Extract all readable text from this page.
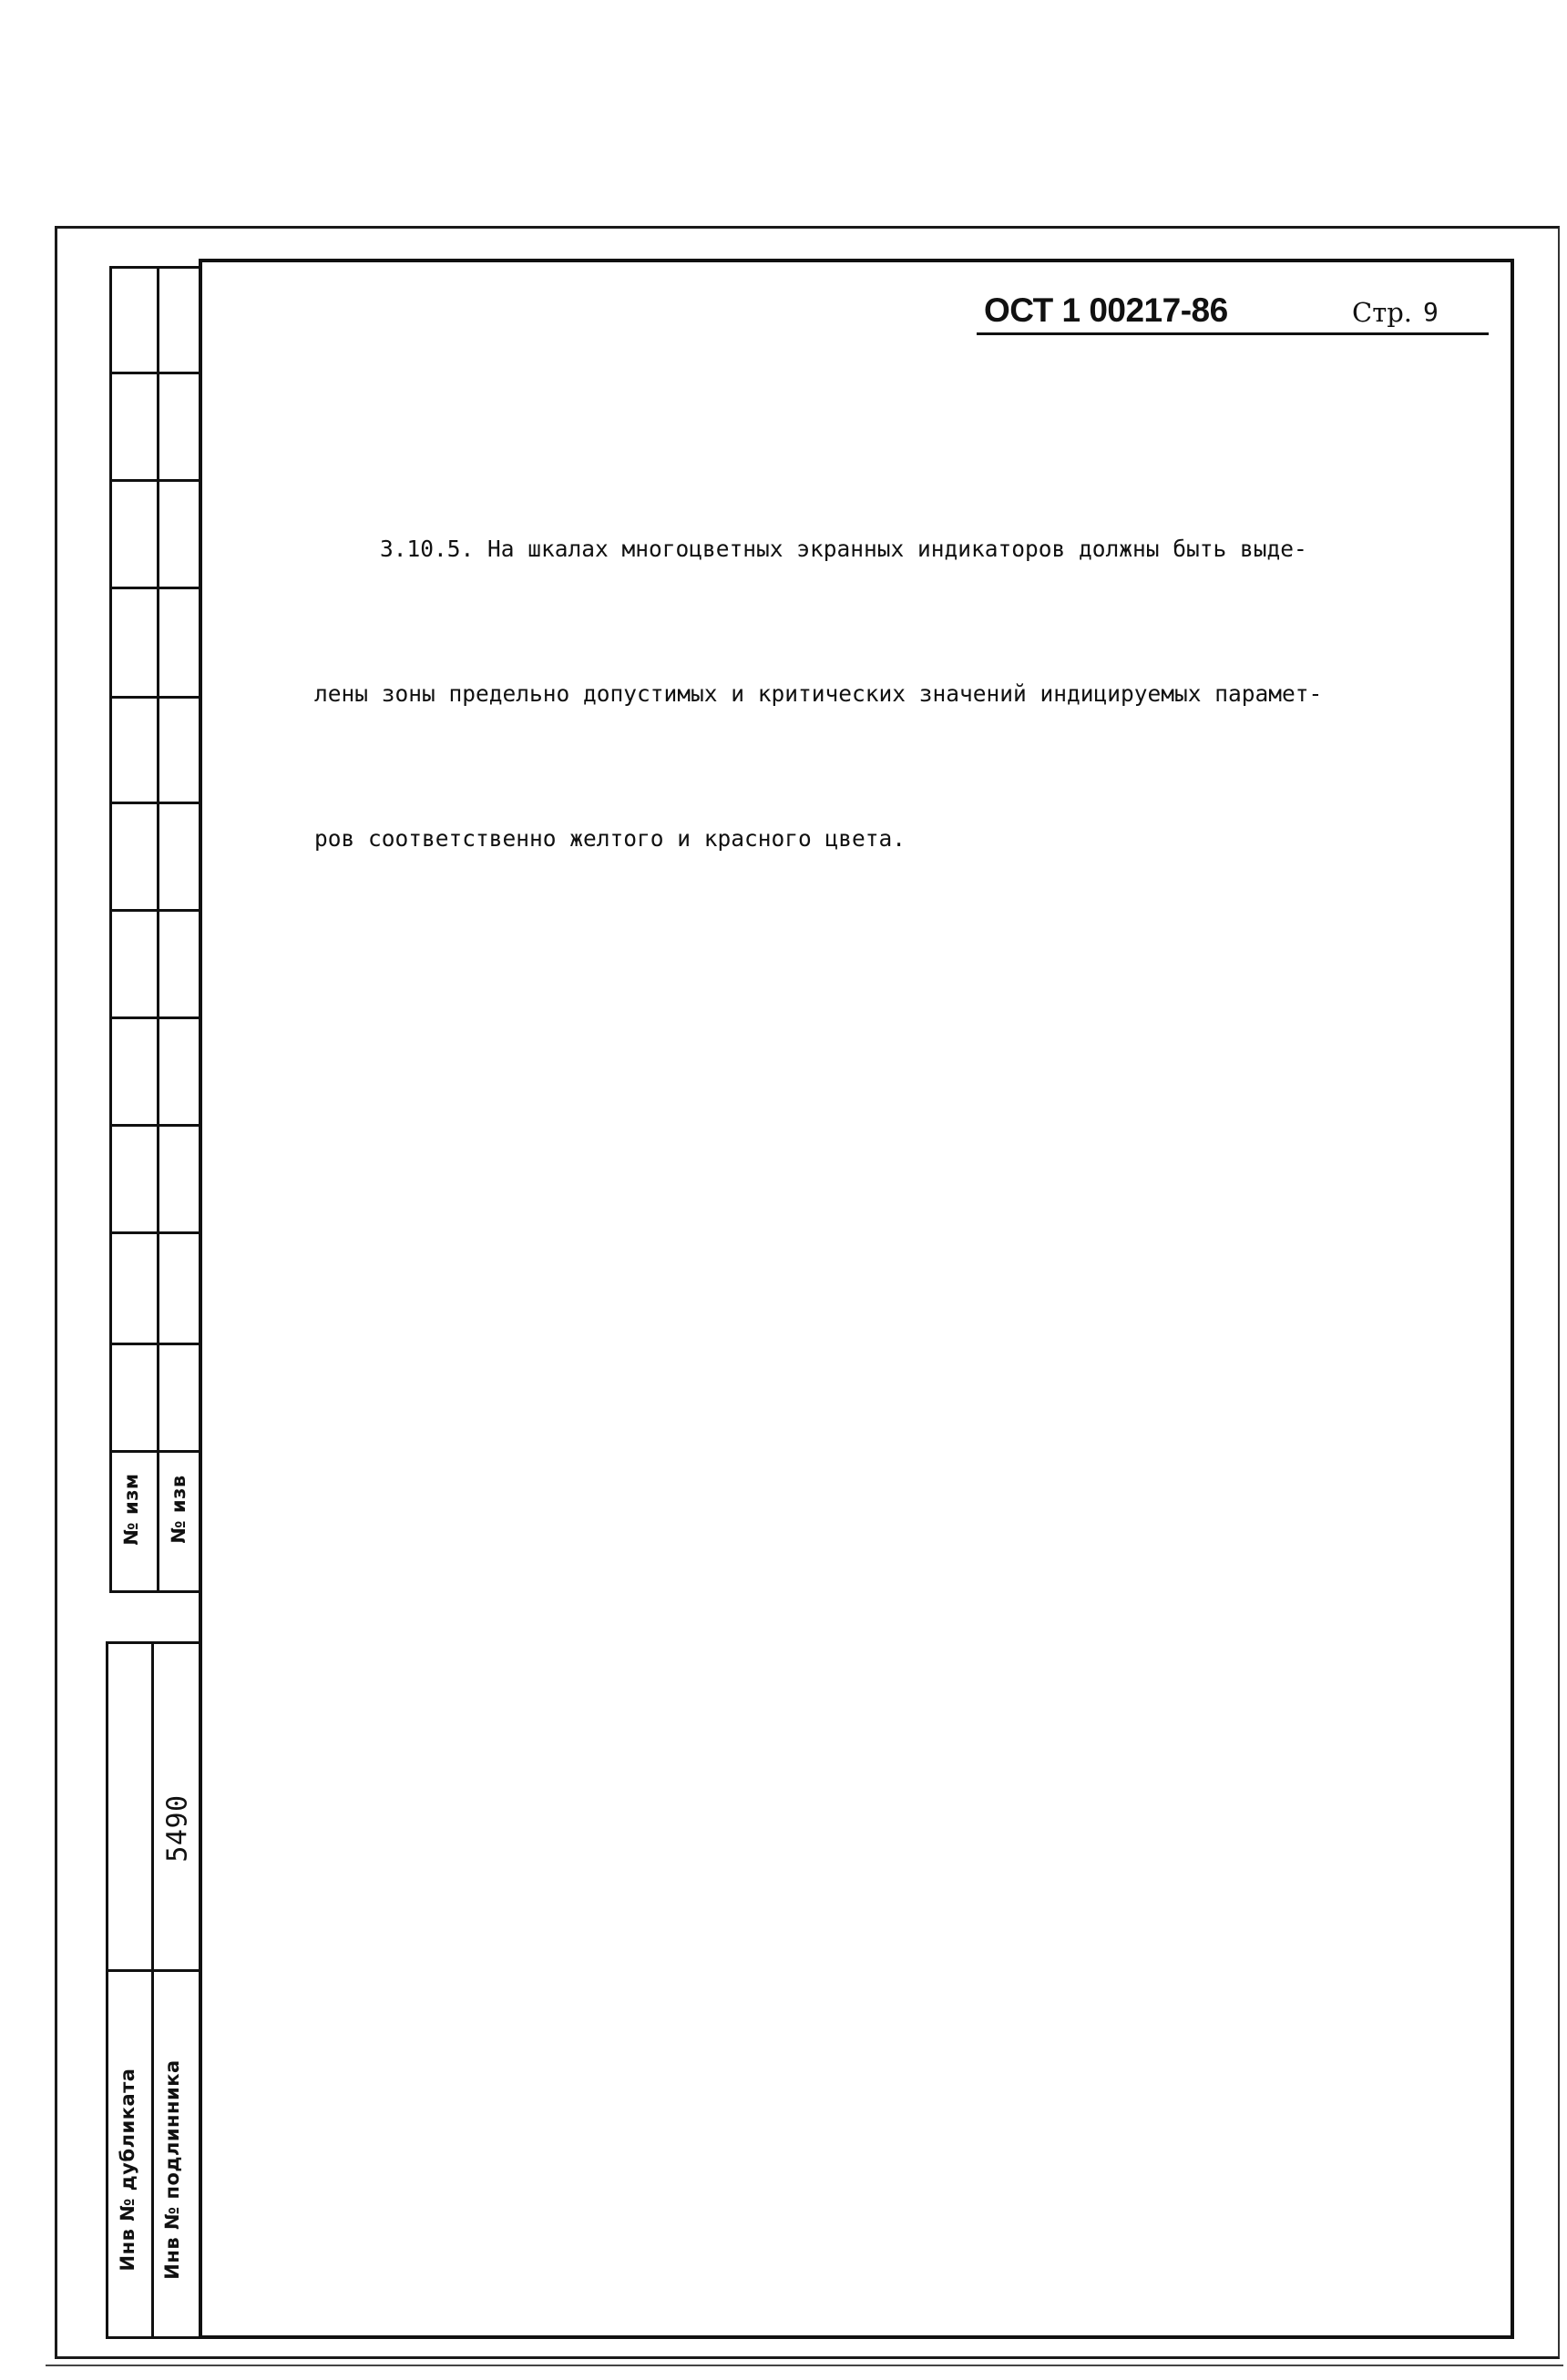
№ изм № изв
Инв № дубликата Инв № подлинника
5490
ОСТ 1 00217-86	Стр. 9

3.10.5. На шкалах многоцветных экранных индикаторов должны быть выде-

лены зоны предельно допустимых и критических значений индицируемых парамет-

ров соответственно желтого и красного цвета.
